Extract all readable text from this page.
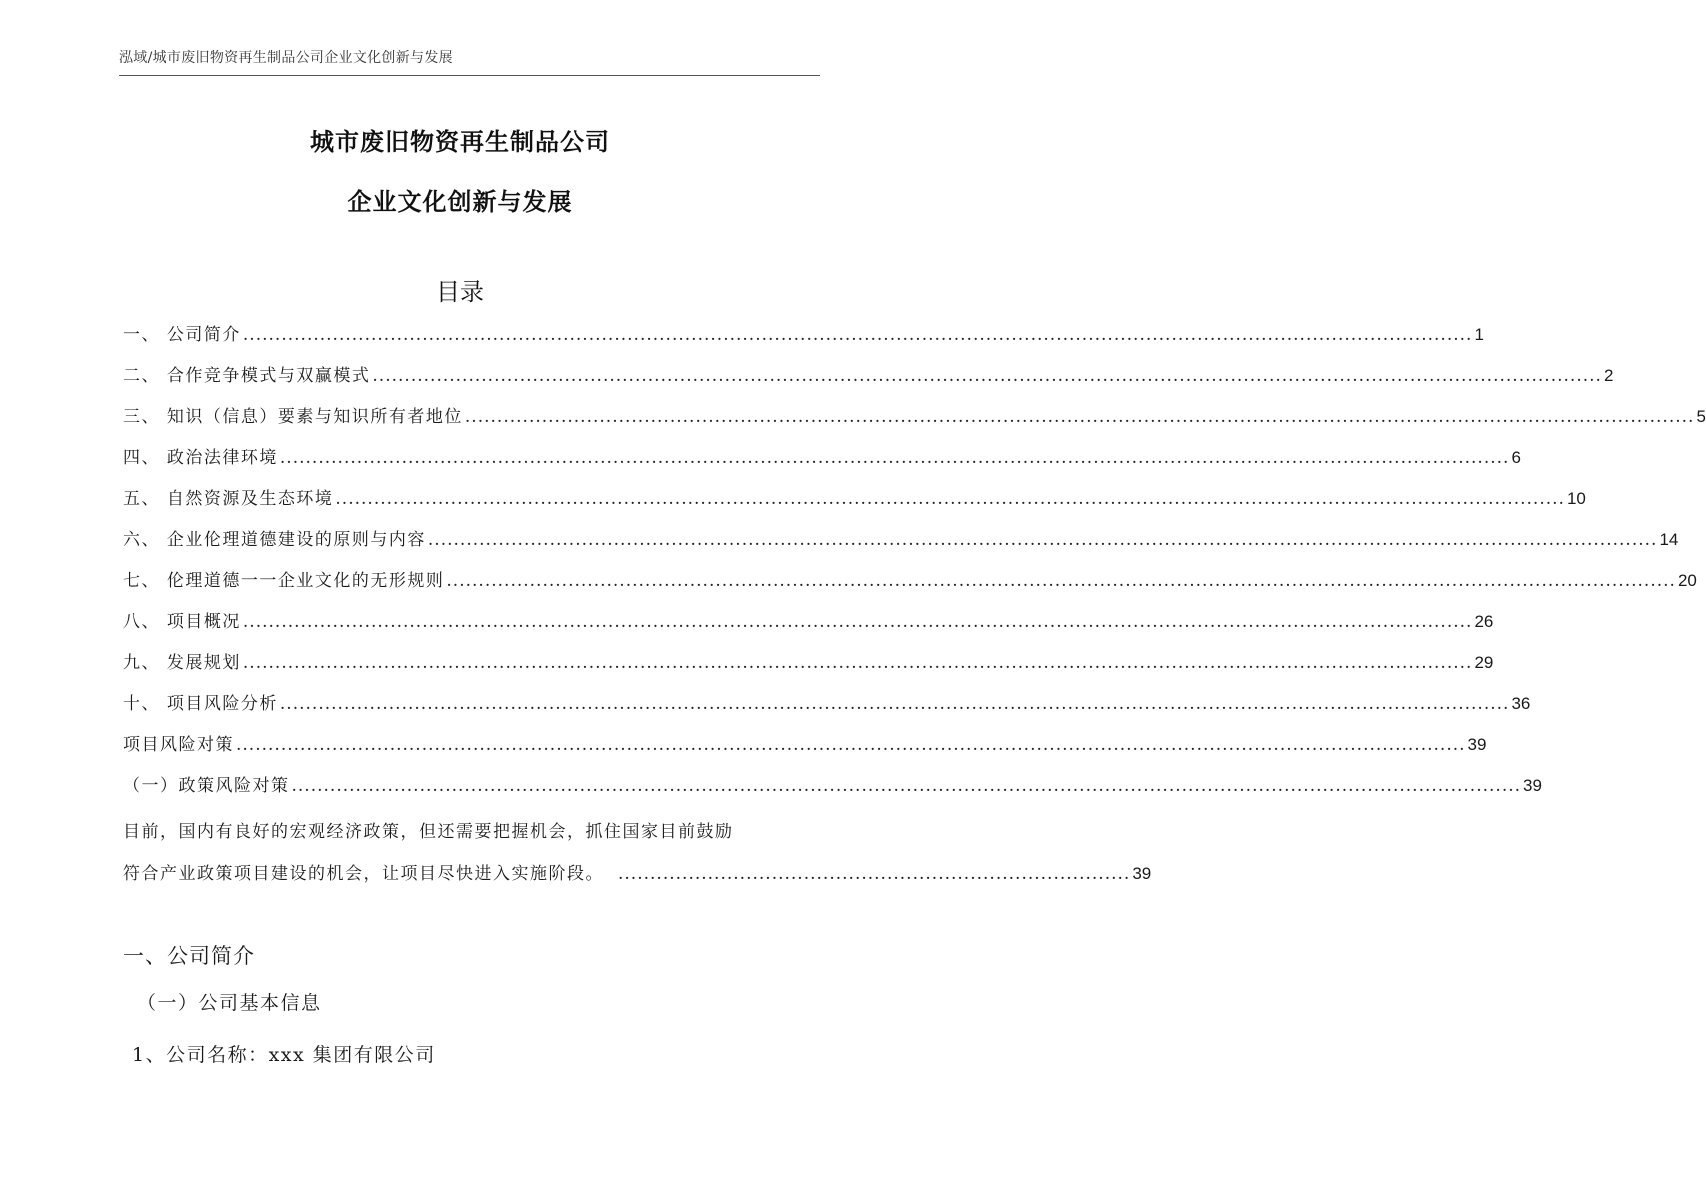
泓域/城市废旧物资再生制品公司企业文化创新与发展
城市废旧物资再生制品公司
企业文化创新与发展
目录
一、 公司简介 .....	1
二、 合作竞争模式与双赢模式 .....	2
三、 知识（信息）要素与知识所有者地位 .....	5
四、 政治法律环境 .....	6
五、 自然资源及生态环境 .....	10
六、 企业伦理道德建设的原则与内容 .....	14
七、 伦理道德一一企业文化的无形规则 .....	20
八、 项目概况 .....	26
九、 发展规划 .....	29
十、 项目风险分析 .....	36
项目风险对策 .....	39
（一）政策风险对策 .....	39
目前，国内有良好的宏观经济政策，但还需要把握机会，抓住国家目前鼓励
符合产业政策项目建设的机会，让项目尽快进入实施阶段。 ................................................................................ 39
一、公司简介
（一）公司基本信息
1、公司名称：xxx 集团有限公司
